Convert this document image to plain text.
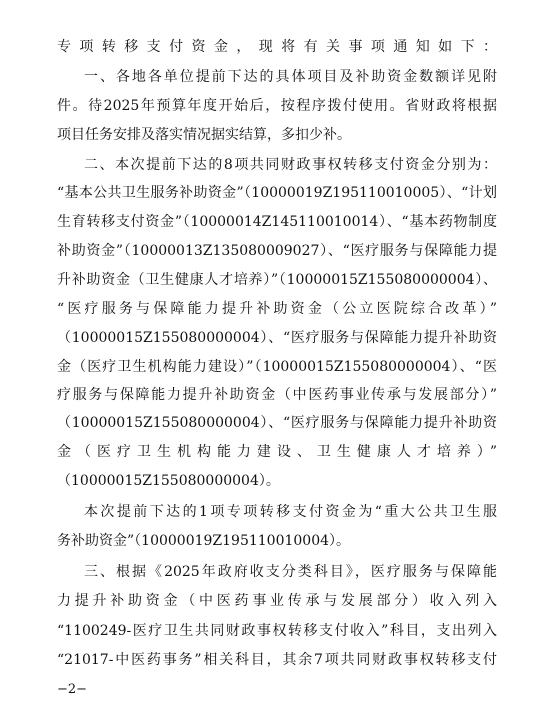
专项转移支付资金，现将有关事项通知如下：
一、各地各单位提前下达的具体项目及补助资金数额详见附
件。待2025年预算年度开始后，按程序拨付使用。省财政将根据
项目任务安排及落实情况据实结算，多扣少补。
二、本次提前下达的8项共同财政事权转移支付资金分别为：
“基本公共卫生服务补助资金”（10000019Z195110010005）、“计划
生育转移支付资金”（10000014Z145110010014）、“基本药物制度
补助资金”（10000013Z135080009027）、“医疗服务与保障能力提
升补助资金（卫生健康人才培养）”（10000015Z155080000004）、
“医疗服务与保障能力提升补助资金（公立医院综合改革）”
（10000015Z155080000004）、“医疗服务与保障能力提升补助资
金（医疗卫生机构能力建设）”（10000015Z155080000004）、“医
疗服务与保障能力提升补助资金（中医药事业传承与发展部分）”
（10000015Z155080000004）、“医疗服务与保障能力提升补助资
金（医疗卫生机构能力建设、卫生健康人才培养）”
（10000015Z155080000004）。
本次提前下达的1项专项转移支付资金为“重大公共卫生服
务补助资金”（10000019Z195110010004）。
三、根据《2025年政府收支分类科目》，医疗服务与保障能
力提升补助资金（中医药事业传承与发展部分）收入列入
“1100249-医疗卫生共同财政事权转移支付收入”科目，支出列入
“21017-中医药事务”相关科目，其余7项共同财政事权转移支付
−2−
